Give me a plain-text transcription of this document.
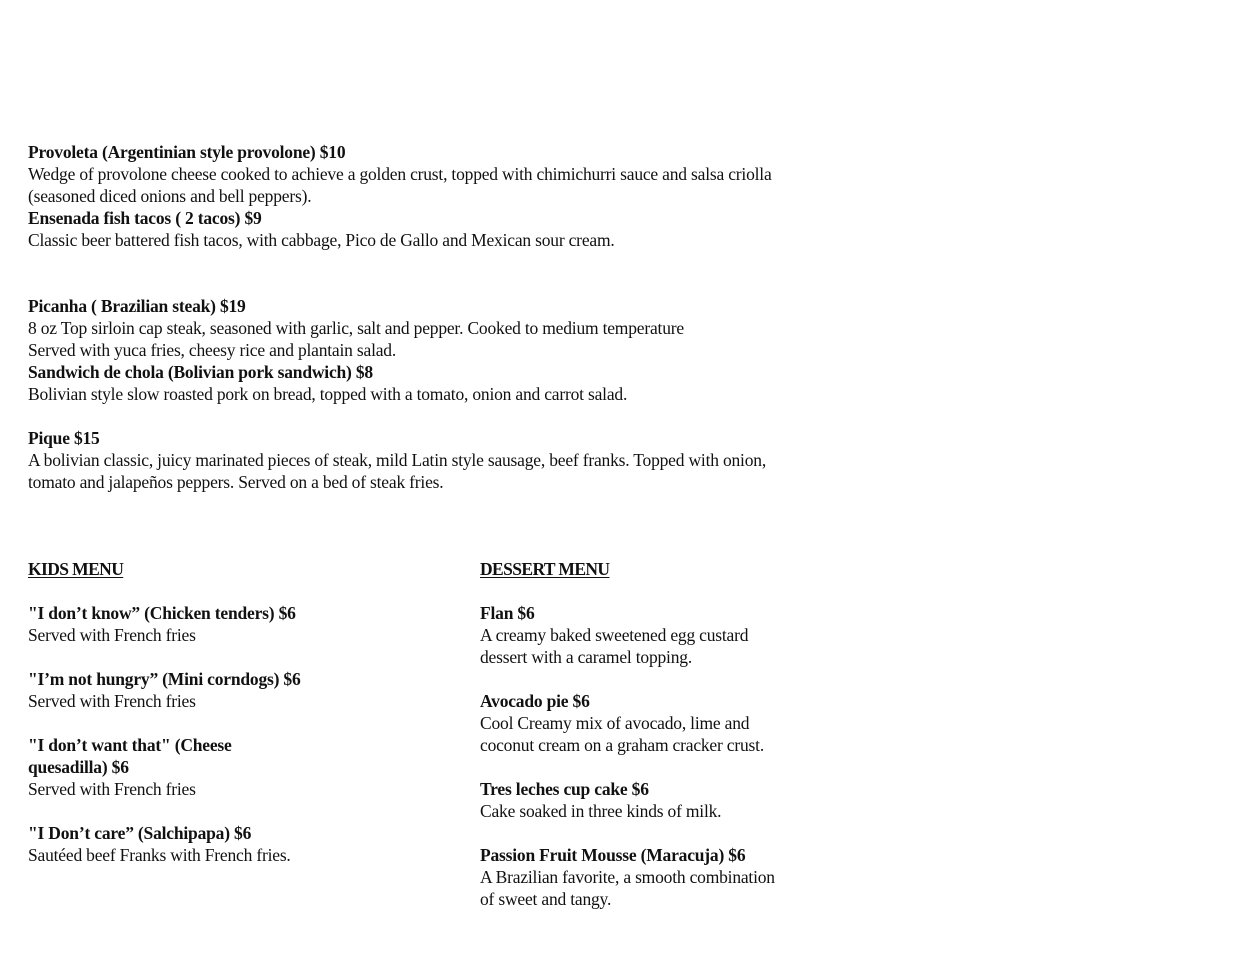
Provoleta (Argentinian style provolone) $10
Wedge of provolone cheese cooked to achieve a golden crust, topped with chimichurri sauce and salsa criolla
(seasoned diced onions and bell peppers).
Ensenada fish tacos ( 2 tacos) $9
Classic beer battered fish tacos, with cabbage, Pico de Gallo and Mexican sour cream.
Picanha ( Brazilian steak) $19
8 oz Top sirloin cap steak, seasoned with garlic, salt and pepper. Cooked to medium temperature
Served with yuca fries, cheesy rice and plantain salad.
Sandwich de chola (Bolivian pork sandwich) $8
Bolivian style slow roasted pork on bread, topped with a tomato, onion and carrot salad.
Pique $15
A bolivian classic, juicy marinated pieces of steak, mild Latin style sausage, beef franks. Topped with onion,
tomato and jalapeños peppers. Served on a bed of steak fries.
KIDS MENU
"I don’t know” (Chicken tenders) $6
Served with French fries
"I’m not hungry” (Mini corndogs) $6
Served with French fries
"I don’t want that" (Cheese
quesadilla) $6
Served with French fries
"I Don’t care” (Salchipapa) $6
Sautéed beef Franks with French fries.
DESSERT MENU
Flan $6
A creamy baked sweetened egg custard
dessert with a caramel topping.
Avocado pie $6
Cool Creamy mix of avocado, lime and
coconut cream on a graham cracker crust.
Tres leches cup cake $6
Cake soaked in three kinds of milk.
Passion Fruit Mousse (Maracuja) $6
A Brazilian favorite, a smooth combination
of sweet and tangy.
